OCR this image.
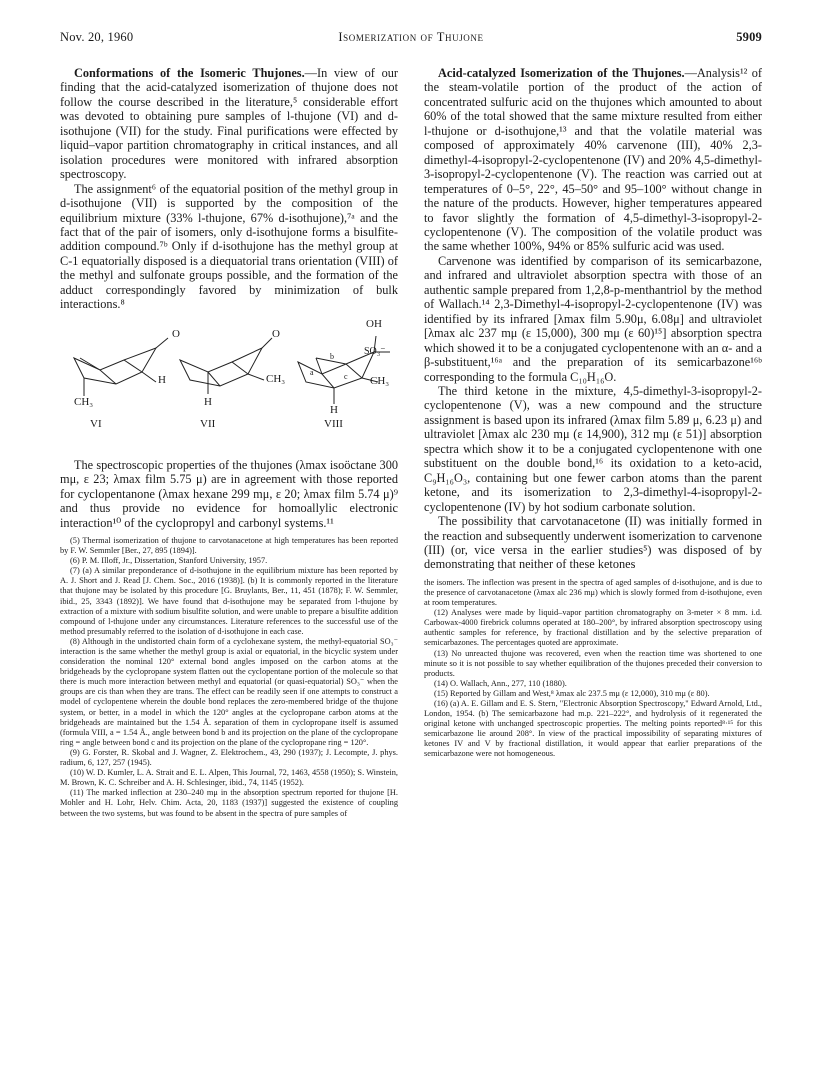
Nov. 20, 1960	Isomerization of Thujone	5909

Conformations of the Isomeric Thujones.—In view of our finding that the acid-catalyzed isomerization of thujone does not follow the course described in the literature,⁵ considerable effort was devoted to obtaining pure samples of l-thujone (VI) and d-isothujone (VII) for the study. Final purifications were effected by liquid–vapor partition chromatography in critical instances, and all isolation procedures were monitored with infrared absorption spectroscopy.

The assignment⁶ of the equatorial position of the methyl group in d-isothujone (VII) is supported by the composition of the equilibrium mixture (33% l-thujone, 67% d-isothujone),⁷ᵃ and the fact that of the pair of isomers, only d-isothujone forms a bisulfite-addition compound.⁷ᵇ Only if d-isothujone has the methyl group at C-1 equatorially disposed is a diequatorial trans orientation (VIII) of the methyl and sulfonate groups possible, and the formation of the adduct correspondingly favored by minimization of bulk interactions.⁸

O
H
CH₃
VI
O
CH₃
H
VII
OH
SO₃⁻
CH₃
H
VIII
a
b
c

The spectroscopic properties of the thujones (λmax isoöctane 300 mμ, ε 23; λmax film 5.75 μ) are in agreement with those reported for cyclopentanone (λmax hexane 299 mμ, ε 20; λmax film 5.74 μ)⁹ and thus provide no evidence for homoallylic electronic interaction¹⁰ of the cyclopropyl and carbonyl systems.¹¹

(5) Thermal isomerization of thujone to carvotanacetone at high temperatures has been reported by F. W. Semmler [Ber., 27, 895 (1894)].

(6) P. M. Illoff, Jr., Dissertation, Stanford University, 1957.

(7) (a) A similar preponderance of d-isothujone in the equilibrium mixture has been reported by A. J. Short and J. Read [J. Chem. Soc., 2016 (1938)]. (b) It is commonly reported in the literature that thujone may be isolated by this procedure [G. Bruylants, Ber., 11, 451 (1878); F. W. Semmler, ibid., 25, 3343 (1892)]. We have found that d-isothujone may be separated from l-thujone by extraction of a mixture with sodium bisulfite solution, and were unable to prepare a bisulfite addition compound of l-thujone under any circumstances. Literature references to the successful use of the method presumably referred to the isolation of d-isothujone in each case.

(8) Although in the undistorted chain form of a cyclohexane system, the methyl-equatorial SO₃⁻ interaction is the same whether the methyl group is axial or equatorial, in the bicyclic system under consideration the nominal 120° external bond angles imposed on the carbon atoms at the bridgeheads by the cyclopropane system flatten out the cyclopentane portion of the molecule so that there is much more interaction between methyl and equatorial (or quasi-equatorial) SO₃⁻ when the groups are cis than when they are trans. The effect can be readily seen if one attempts to construct a model of cyclopentene wherein the double bond replaces the zero-membered bridge of the thujone system, or better, in a model in which the 120° angles at the cyclopropane carbon atoms at the bridgeheads are maintained but the 1.54 Å. separation of them in cyclopropane itself is assumed (formula VIII, a = 1.54 Å., angle between bond b and its projection on the plane of the cyclopropane ring = angle between bond c and its projection on the plane of the cyclopropane ring = 120°.

(9) G. Forster, R. Skobal and J. Wagner, Z. Elektrochem., 43, 290 (1937); J. Lecompte, J. phys. radium, 6, 127, 257 (1945).

(10) W. D. Kumler, L. A. Strait and E. L. Alpen, This Journal, 72, 1463, 4558 (1950); S. Winstein, M. Brown, K. C. Schreiber and A. H. Schlesinger, ibid., 74, 1145 (1952).

(11) The marked inflection at 230–240 mμ in the absorption spectrum reported for thujone [H. Mohler and H. Lohr, Helv. Chim. Acta, 20, 1183 (1937)] suggested the existence of coupling between the two systems, but was found to be absent in the spectra of pure samples of

Acid-catalyzed Isomerization of the Thujones.—Analysis¹² of the steam-volatile portion of the product of the action of concentrated sulfuric acid on the thujones which amounted to about 60% of the total showed that the same mixture resulted from either l-thujone or d-isothujone,¹³ and that the volatile material was composed of approximately 40% carvenone (III), 40% 2,3-dimethyl-4-isopropyl-2-cyclopentenone (IV) and 20% 4,5-dimethyl-3-isopropyl-2-cyclopentenone (V). The reaction was carried out at temperatures of 0–5°, 22°, 45–50° and 95–100° without change in the nature of the products. However, higher temperatures appeared to favor slightly the formation of 4,5-dimethyl-3-isopropyl-2-cyclopentenone (V). The composition of the volatile product was the same whether 100%, 94% or 85% sulfuric acid was used.

Carvenone was identified by comparison of its semicarbazone, and infrared and ultraviolet absorption spectra with those of an authentic sample prepared from 1,2,8-p-menthantriol by the method of Wallach.¹⁴ 2,3-Dimethyl-4-isopropyl-2-cyclopentenone (IV) was identified by its infrared [λmax film 5.90μ, 6.08μ] and ultraviolet [λmax alc 237 mμ (ε 15,000), 300 mμ (ε 60)¹⁵] absorption spectra which showed it to be a conjugated cyclopentenone with an α- and a β-substituent,¹⁶ᵃ and the preparation of its semicarbazone¹⁶ᵇ corresponding to the formula C₁₀H₁₆O.

The third ketone in the mixture, 4,5-dimethyl-3-isopropyl-2-cyclopentenone (V), was a new compound and the structure assignment is based upon its infrared (λmax film 5.89 μ, 6.23 μ) and ultraviolet [λmax alc 230 mμ (ε 14,900), 312 mμ (ε 51)] absorption spectra which show it to be a conjugated cyclopentenone with one substituent on the double bond,¹⁶ its oxidation to a keto-acid, C₉H₁₆O₃, containing but one fewer carbon atoms than the parent ketone, and its isomerization to 2,3-dimethyl-4-isopropyl-2-cyclopentenone (IV) by hot sodium carbonate solution.

The possibility that carvotanacetone (II) was initially formed in the reaction and subsequently underwent isomerization to carvenone (III) (or, vice versa in the earlier studies⁵) was disposed of by demonstrating that neither of these ketones

the isomers. The inflection was present in the spectra of aged samples of d-isothujone, and is due to the presence of carvotanacetone (λmax alc 236 mμ) which is slowly formed from d-isothujone, even at room temperatures.

(12) Analyses were made by liquid–vapor partition chromatography on 3-meter × 8 mm. i.d. Carbowax-4000 firebrick columns operated at 180–200°, by infrared absorption spectroscopy using authentic samples for reference, by fractional distillation and by the selective preparation of semicarbazones. The percentages quoted are approximate.

(13) No unreacted thujone was recovered, even when the reaction time was shortened to one minute so it is not possible to say whether equilibration of the thujones preceded their conversion to products.

(14) O. Wallach, Ann., 277, 110 (1880).

(15) Reported by Gillam and West,⁸ λmax alc 237.5 mμ (ε 12,000), 310 mμ (ε 80).

(16) (a) A. E. Gillam and E. S. Stern, "Electronic Absorption Spectroscopy," Edward Arnold, Ltd., London, 1954. (b) The semicarbazone had m.p. 221–222°, and hydrolysis of it regenerated the original ketone with unchanged spectroscopic properties. The melting points reported⁸·¹⁵ for this semicarbazone lie around 208°. In view of the practical impossibility of separating mixtures of ketones IV and V by fractional distillation, it would appear that earlier preparations of the semicarbazone were not homogeneous.
